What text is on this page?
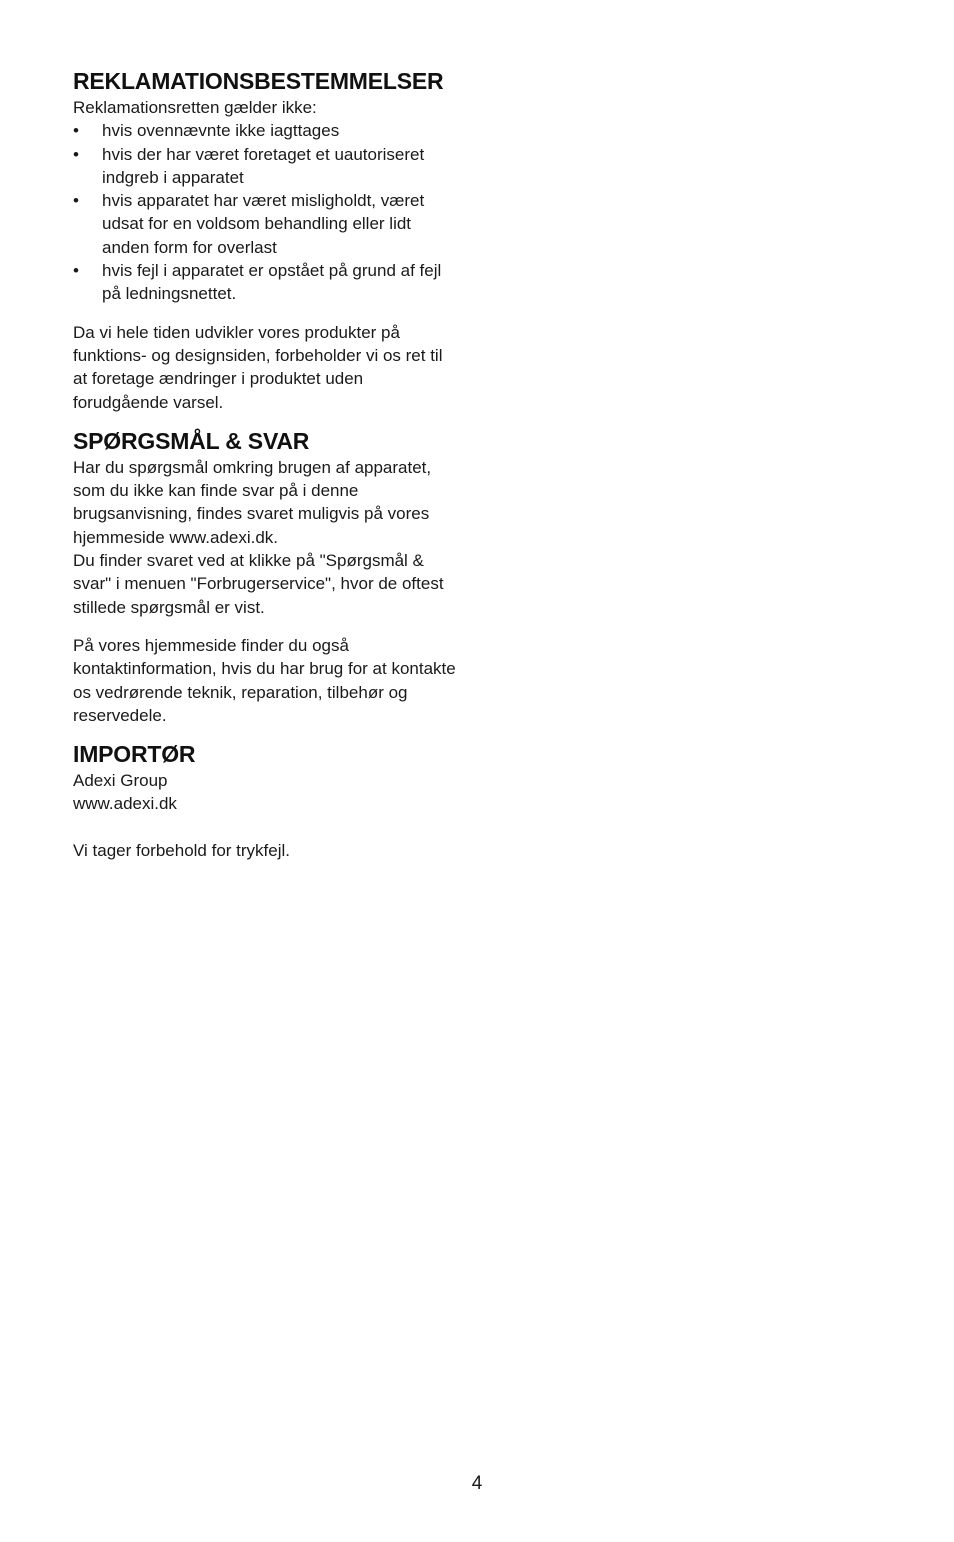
REKLAMATIONSBESTEMMELSER

Reklamationsretten gælder ikke:

• hvis ovennævnte ikke iagttages
• hvis der har været foretaget et uautoriseret indgreb i apparatet
• hvis apparatet har været misligholdt, været udsat for en voldsom behandling eller lidt anden form for overlast
• hvis fejl i apparatet er opstået på grund af fejl på ledningsnettet.

Da vi hele tiden udvikler vores produkter på funktions- og designsiden, forbeholder vi os ret til at foretage ændringer i produktet uden forudgående varsel.

SPØRGSMÅL & SVAR

Har du spørgsmål omkring brugen af apparatet, som du ikke kan finde svar på i denne brugsanvisning, findes svaret muligvis på vores hjemmeside www.adexi.dk.

Du finder svaret ved at klikke på "Spørgsmål & svar" i menuen "Forbrugerservice", hvor de oftest stillede spørgsmål er vist.

På vores hjemmeside finder du også kontaktinformation, hvis du har brug for at kontakte os vedrørende teknik, reparation, tilbehør og reservedele.

IMPORTØR

Adexi Group

www.adexi.dk

Vi tager forbehold for trykfejl.

4
